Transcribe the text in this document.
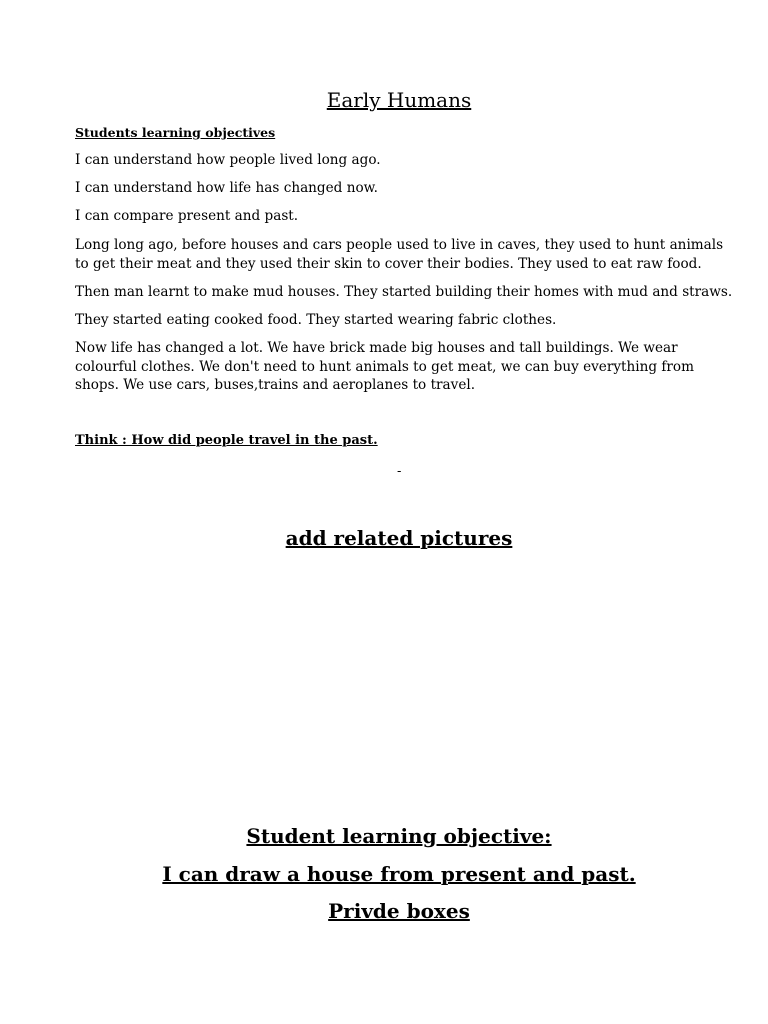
Early Humans
Students learning objectives
I can understand how people lived long ago.
I can understand how life has changed now.
I can compare present and past.

Long long ago, before houses and cars people used to live in caves, they used to hunt animals to get their meat and they used their skin to cover their bodies. They used to eat raw food.

Then man learnt to make mud houses. They started building their homes with mud and straws.

They started eating cooked food. They started wearing fabric clothes.

Now life has changed a lot. We have brick made big houses and tall buildings. We wear colourful clothes. We don't need to hunt animals to get meat, we can buy everything from shops. We use cars, buses,trains and aeroplanes to travel.

Think : How did people travel in the past.
-
add related pictures
Student learning objective:
I can draw a house from present and past.
Privde boxes
